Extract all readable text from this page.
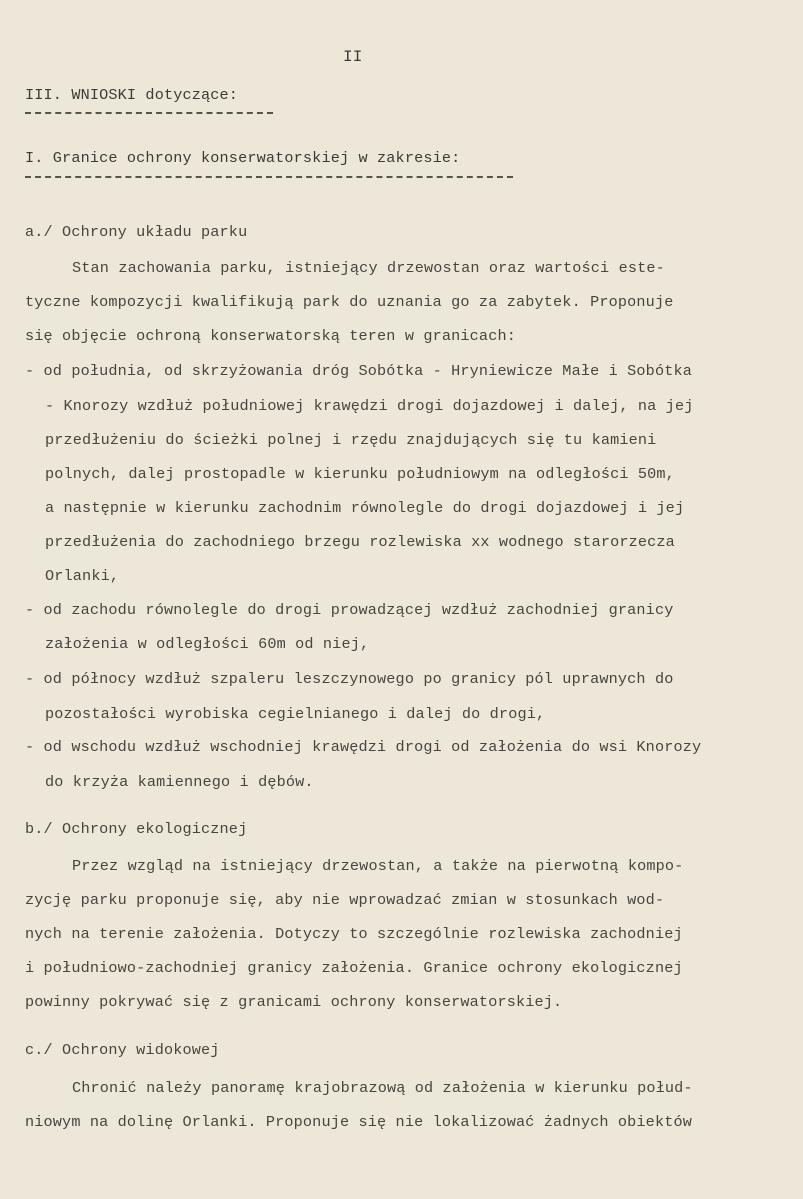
II
III. WNIOSKI dotyczące:
I. Granice ochrony konserwatorskiej w zakresie:
a./ Ochrony układu parku
Stan zachowania parku, istniejący drzewostan oraz wartości este-
tyczne kompozycji kwalifikują park do uznania go za zabytek. Proponuje
się objęcie ochroną konserwatorską teren w granicach:
- od południa, od skrzyżowania dróg Sobótka - Hryniewicze Małe i Sobótka
- Knorozy wzdłuż południowej krawędzi drogi dojazdowej i dalej, na jej
przedłużeniu do ścieżki polnej i rzędu znajdujących się tu kamieni
polnych, dalej prostopadle w kierunku południowym na odległości 50m,
a następnie w kierunku zachodnim równolegle do drogi dojazdowej i jej
przedłużenia do zachodniego brzegu rozlewiska xx wodnego starorzecza
Orlanki,
- od zachodu równolegle do drogi prowadzącej wzdłuż zachodniej granicy
założenia w odległości 60m od niej,
- od północy wzdłuż szpaleru leszczynowego po granicy pól uprawnych do
pozostałości wyrobiska cegielnianego i dalej do drogi,
- od wschodu wzdłuż wschodniej krawędzi drogi od założenia do wsi Knorozy
do krzyża kamiennego i dębów.
b./ Ochrony ekologicznej
Przez wzgląd na istniejący drzewostan, a także na pierwotną kompo-
zycję parku proponuje się, aby nie wprowadzać zmian w stosunkach wod-
nych na terenie założenia. Dotyczy to szczególnie rozlewiska zachodniej
i południowo-zachodniej granicy założenia. Granice ochrony ekologicznej
powinny pokrywać się z granicami ochrony konserwatorskiej.
c./ Ochrony widokowej
Chronić należy panoramę krajobrazową od założenia w kierunku połud-
niowym na dolinę Orlanki. Proponuje się nie lokalizować żadnych obiektów
